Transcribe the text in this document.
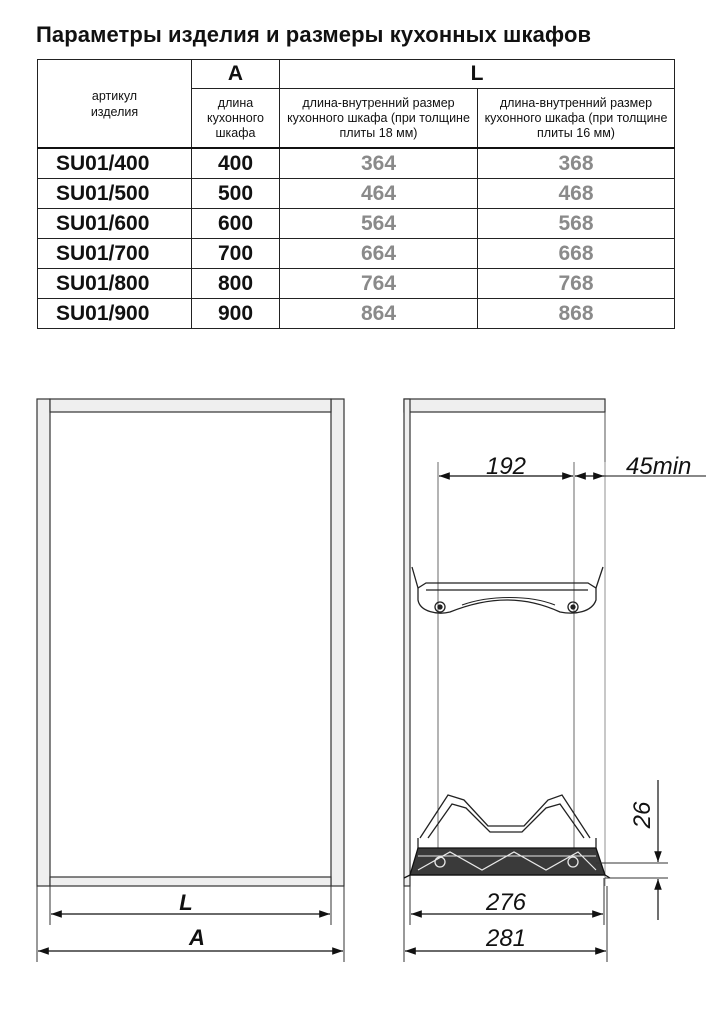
Параметры изделия и размеры кухонных шкафов
артикул изделия	A	L	
	длина кухонного шкафа	длина-внутренний размер кухонного шкафа (при толщине плиты 18 мм)	длина-внутренний размер кухонного шкафа (при толщине плиты 16 мм)
SU01/400	400	364	368
SU01/500	500	464	468
SU01/600	600	564	568
SU01/700	700	664	668
SU01/800	800	764	768
SU01/900	900	864	868
L
A
192	45min
26
276
281
